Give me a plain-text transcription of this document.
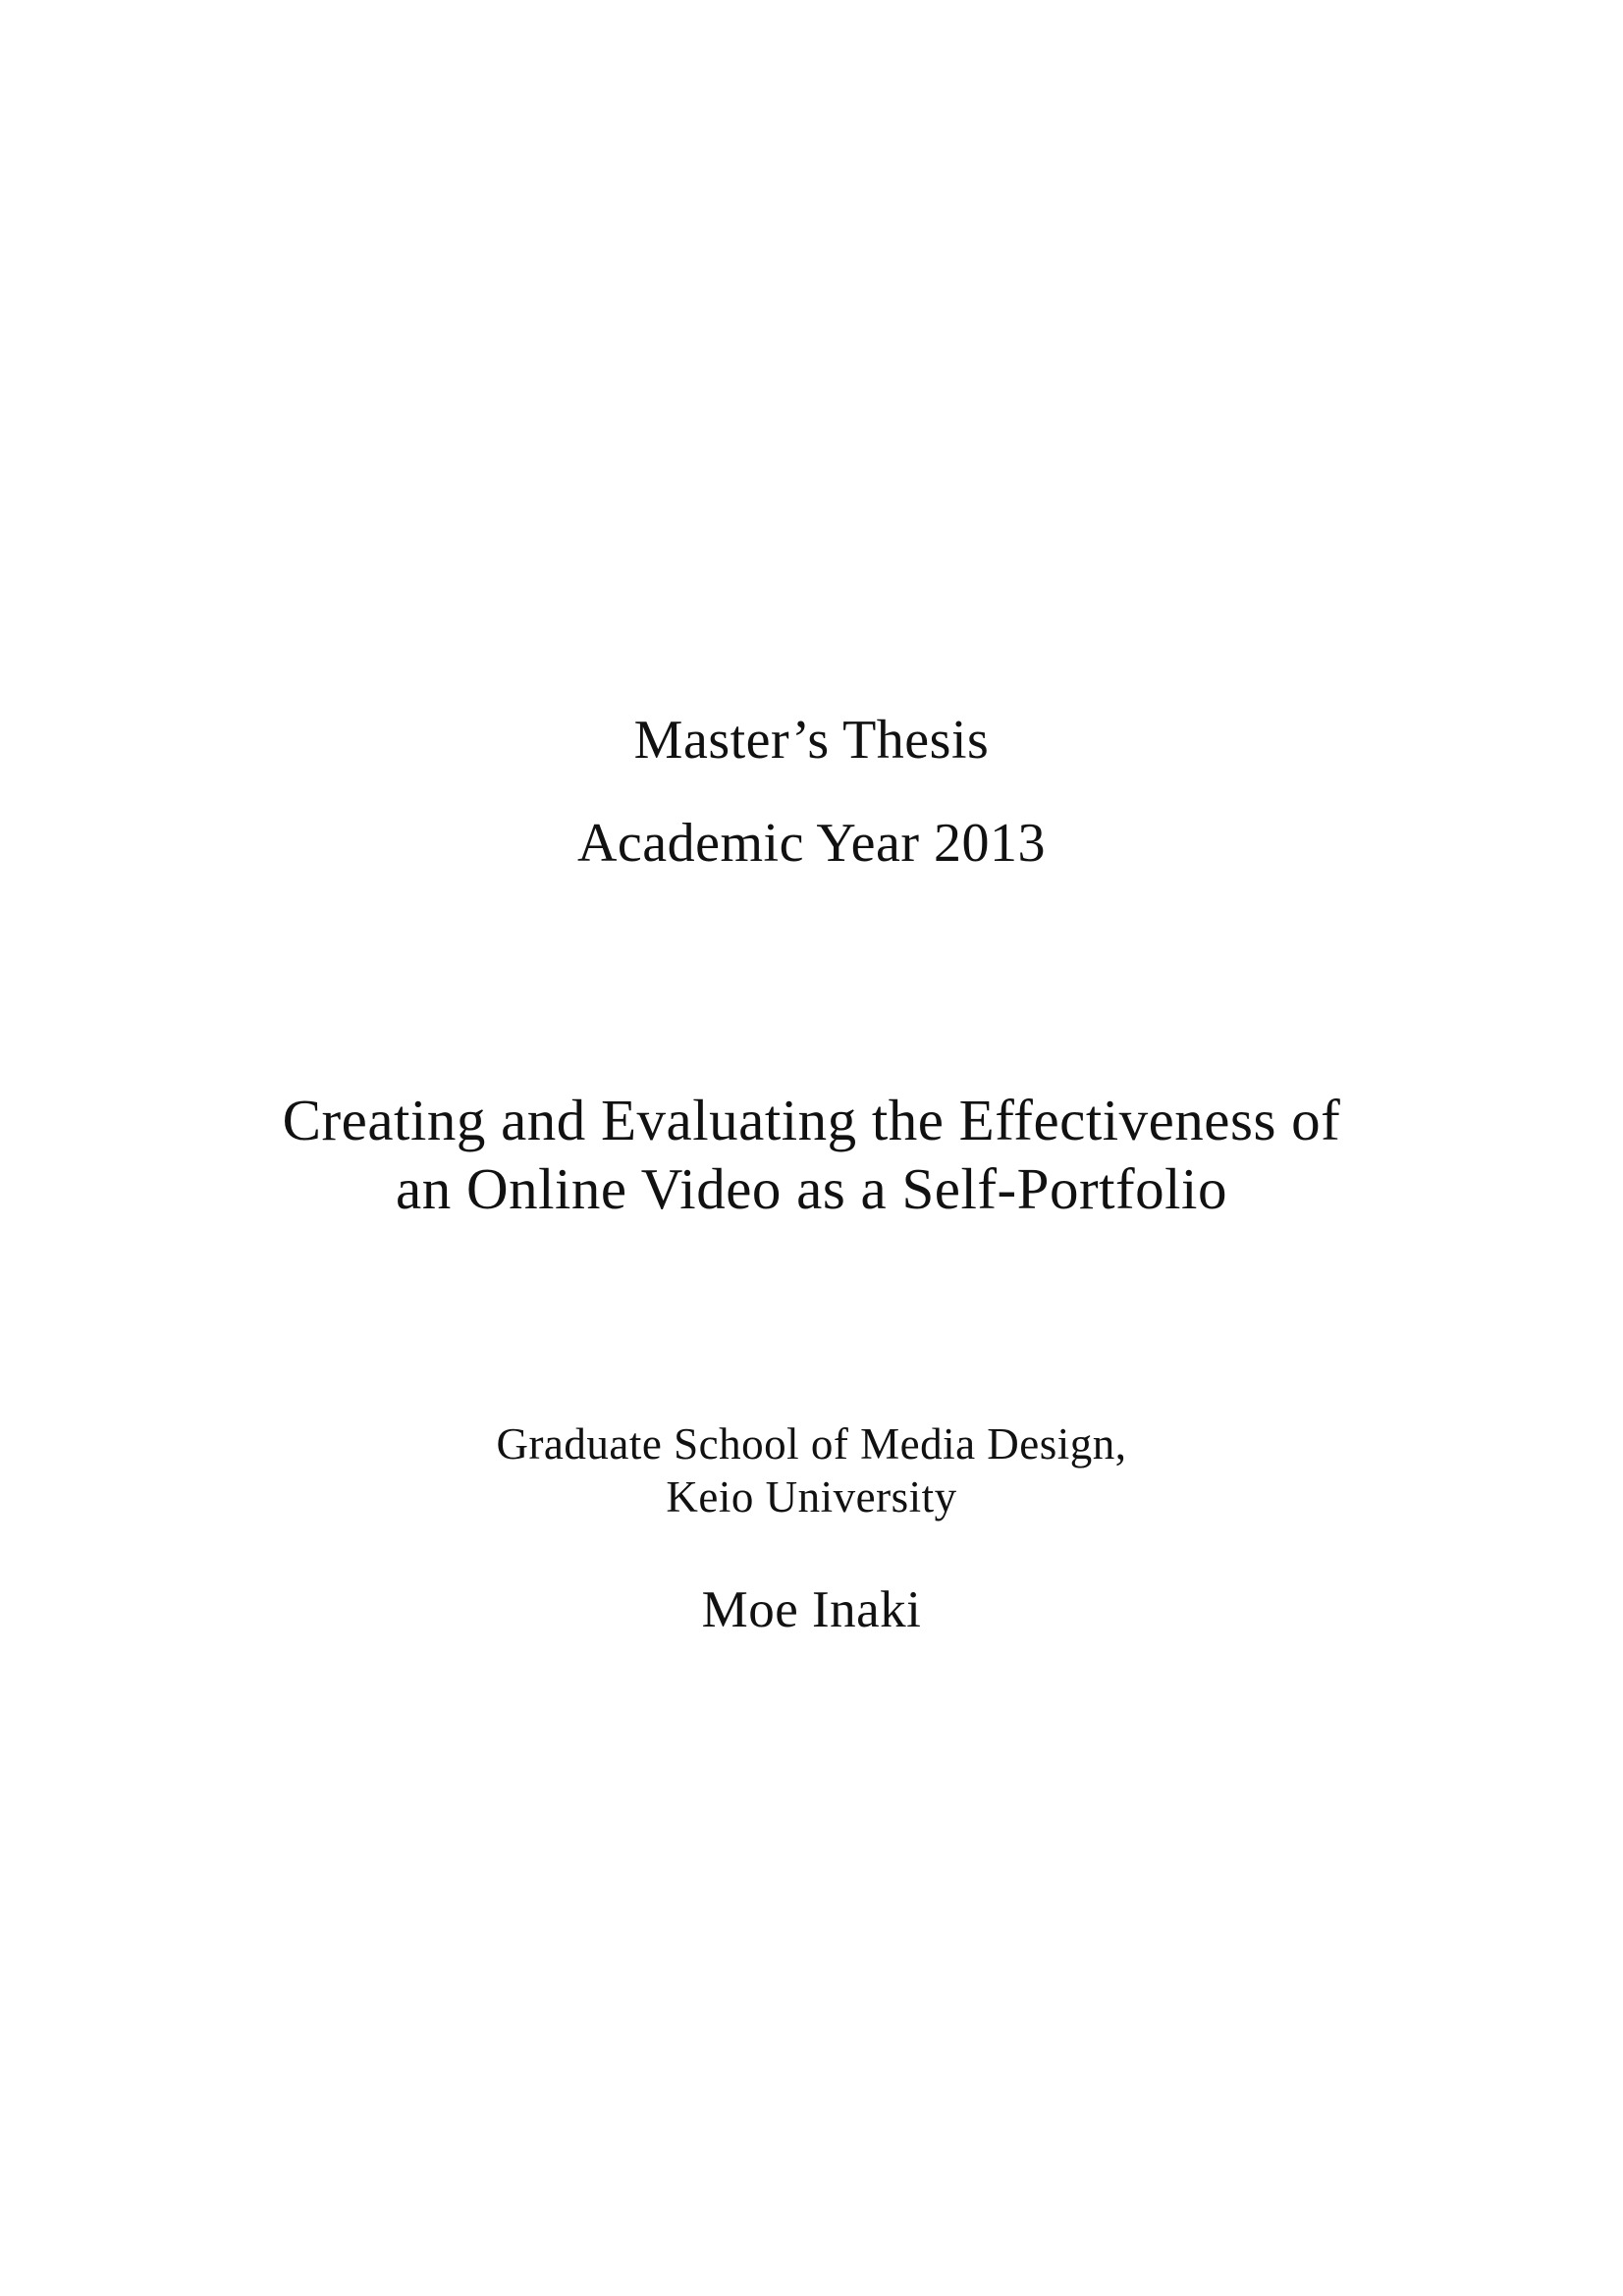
Master’s Thesis
Academic Year 2013
Creating and Evaluating the Effectiveness of
an Online Video as a Self-Portfolio
Graduate School of Media Design,
Keio University
Moe Inaki
